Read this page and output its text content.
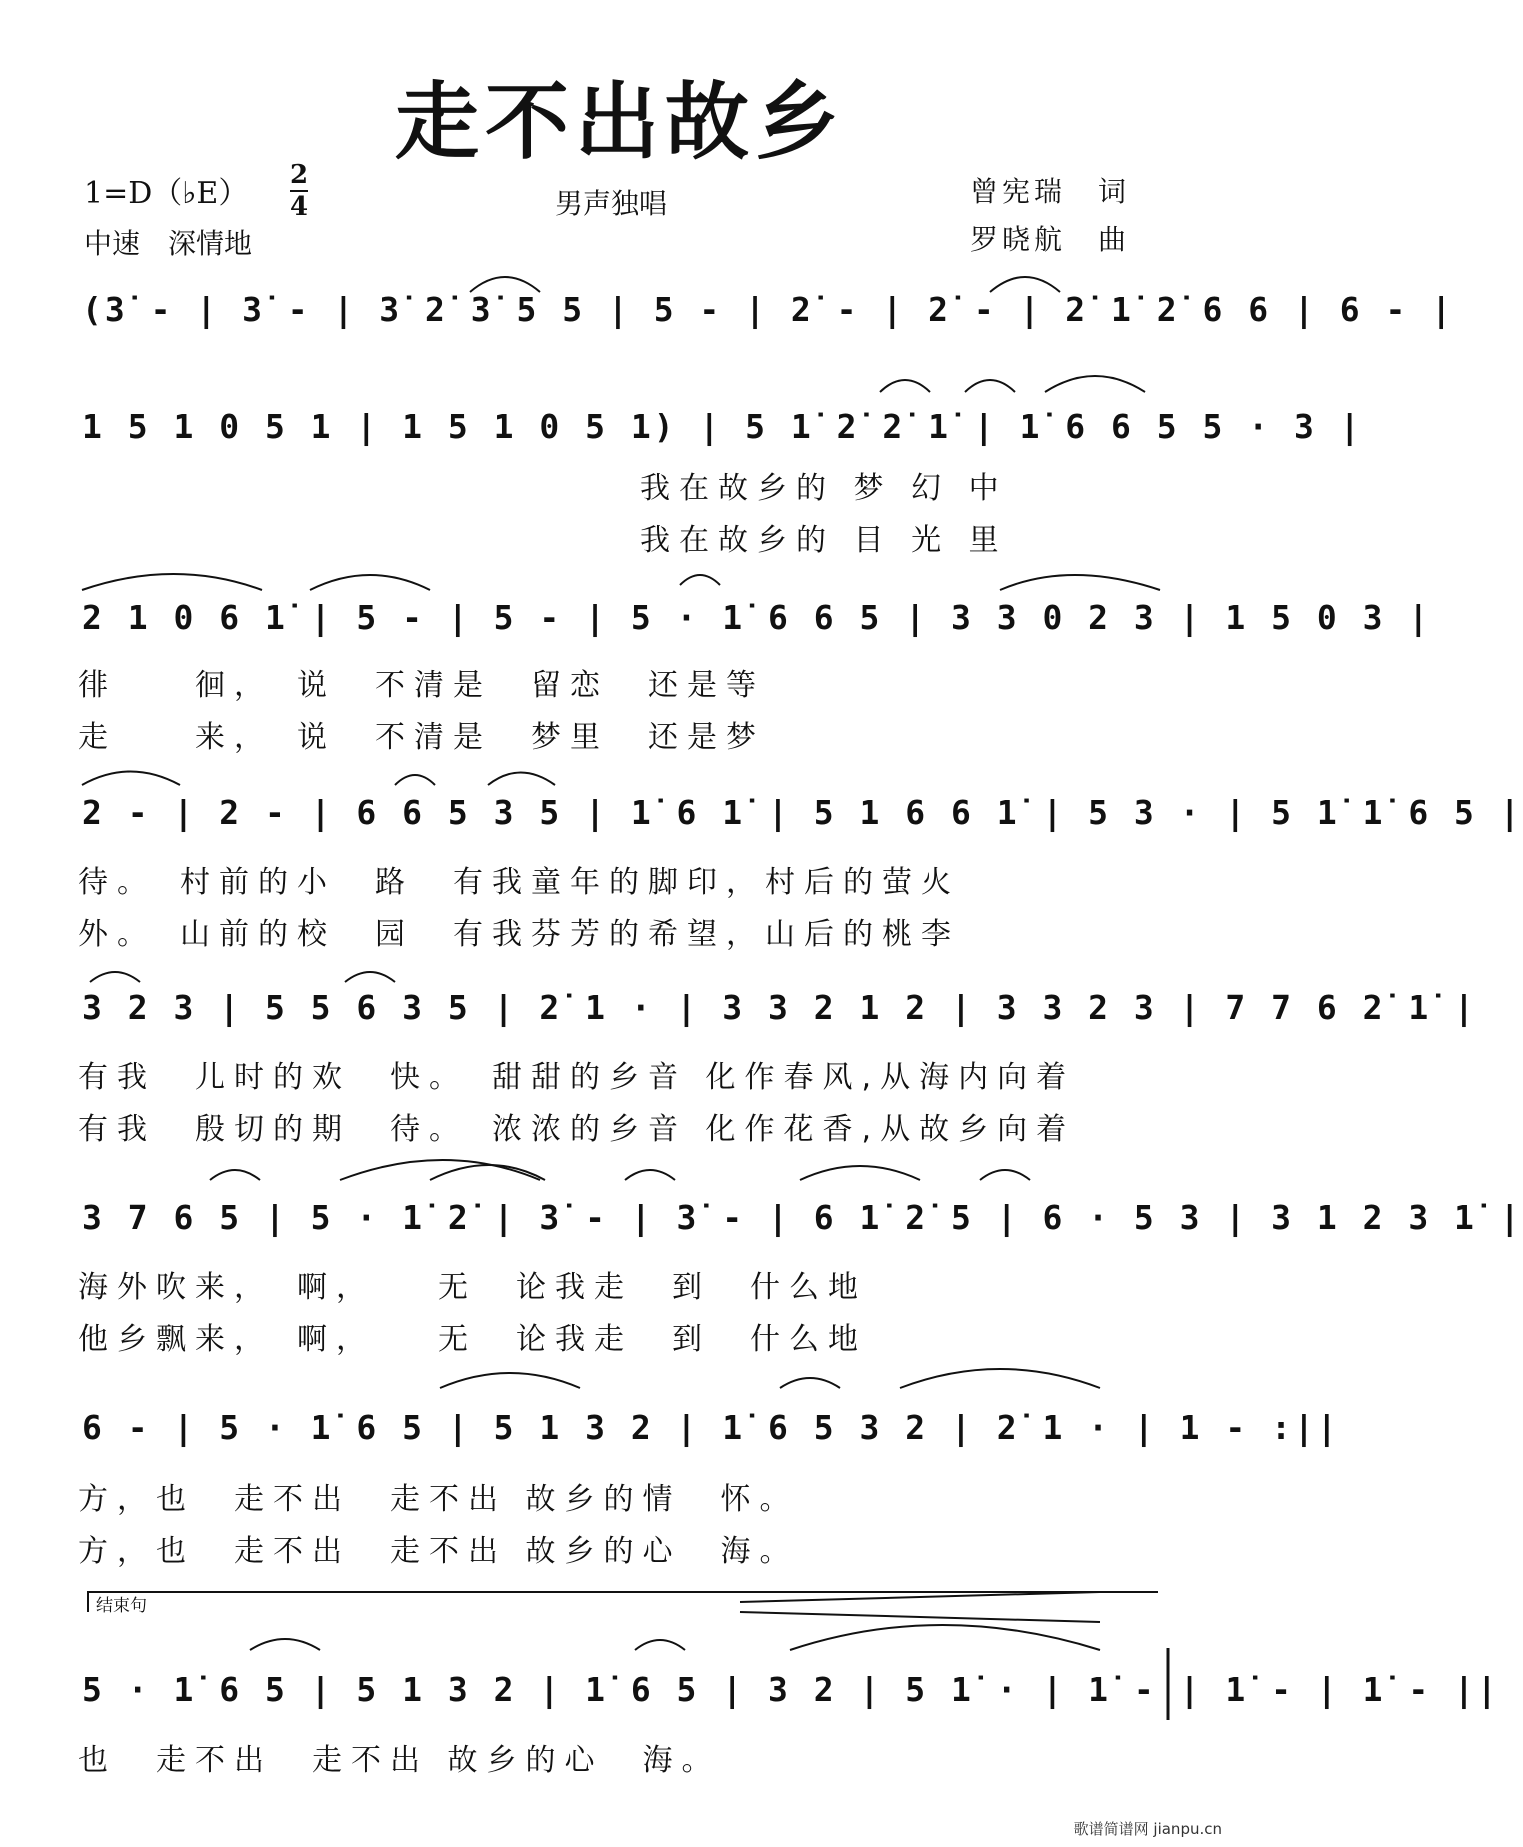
走不出故乡
1=D（♭E）
2
4
中速　深情地
男声独唱	曾宪瑞　词
罗晓航　曲
(3̇ - | 3̇ - | 3̇ 2̇ 3̇ 5 5 | 5 - | 2̇ - | 2̇ - | 2̇ 1̇ 2̇ 6 6 | 6 - |
1 5 1 0 5 1 | 1 5 1 0 5 1) | 5 1̇ 2̇ 2̇ 1̇ | 1̇ 6 6 5 5 · 3 |
我在故乡的 梦 幻 中
我在故乡的 目 光 里
2 1 0 6 1̇ | 5 - | 5 - | 5 · 1̇ 6 6 5 | 3 3 0 2 3 | 1 5 0 3 |
徘　　徊，　说　不清是　留恋　还是等
走　　来，　说　不清是　梦里　还是梦
2 - | 2 - | 6 6 5 3 5 | 1̇ 6 1̇ | 5 1 6 6 1̇ | 5 3 · | 5 1̇ 1̇ 6 5 |
待。　村前的小　路　有我童年的脚印，村后的萤火
外。　山前的校　园　有我芬芳的希望，山后的桃李
3 2 3 | 5 5 6 3 5 | 2̇ 1 · | 3 3 2 1 2 | 3 3 2 3 | 7 7 6 2̇ 1̇ |
有我　儿时的欢　快。　甜甜的乡音 化作春风,从海内向着
有我　殷切的期　待。　浓浓的乡音 化作花香,从故乡向着
3 7 6 5 | 5 · 1̇ 2̇ | 3̇ - | 3̇ - | 6 1̇ 2̇ 5 | 6 · 5 3 | 3 1 2 3 1̇ |
海外吹来，　啊，　　无　论我走　到　什么地
他乡飘来，　啊，　　无　论我走　到　什么地
6 - | 5 · 1̇ 6 5 | 5 1 3 2 | 1̇ 6 5 3 2 | 2̇ 1 · | 1 - :||
方，也　走不出　走不出 故乡的情　怀。
方，也　走不出　走不出 故乡的心　海。
结束句
5 · 1̇ 6 5 | 5 1 3 2 | 1̇ 6 5 | 3 2 | 5 1̇ · | 1̇ - | 1̇ - | 1̇ - ||
也　走不出　走不出 故乡的心　海。
歌谱简谱网 jianpu.cn
